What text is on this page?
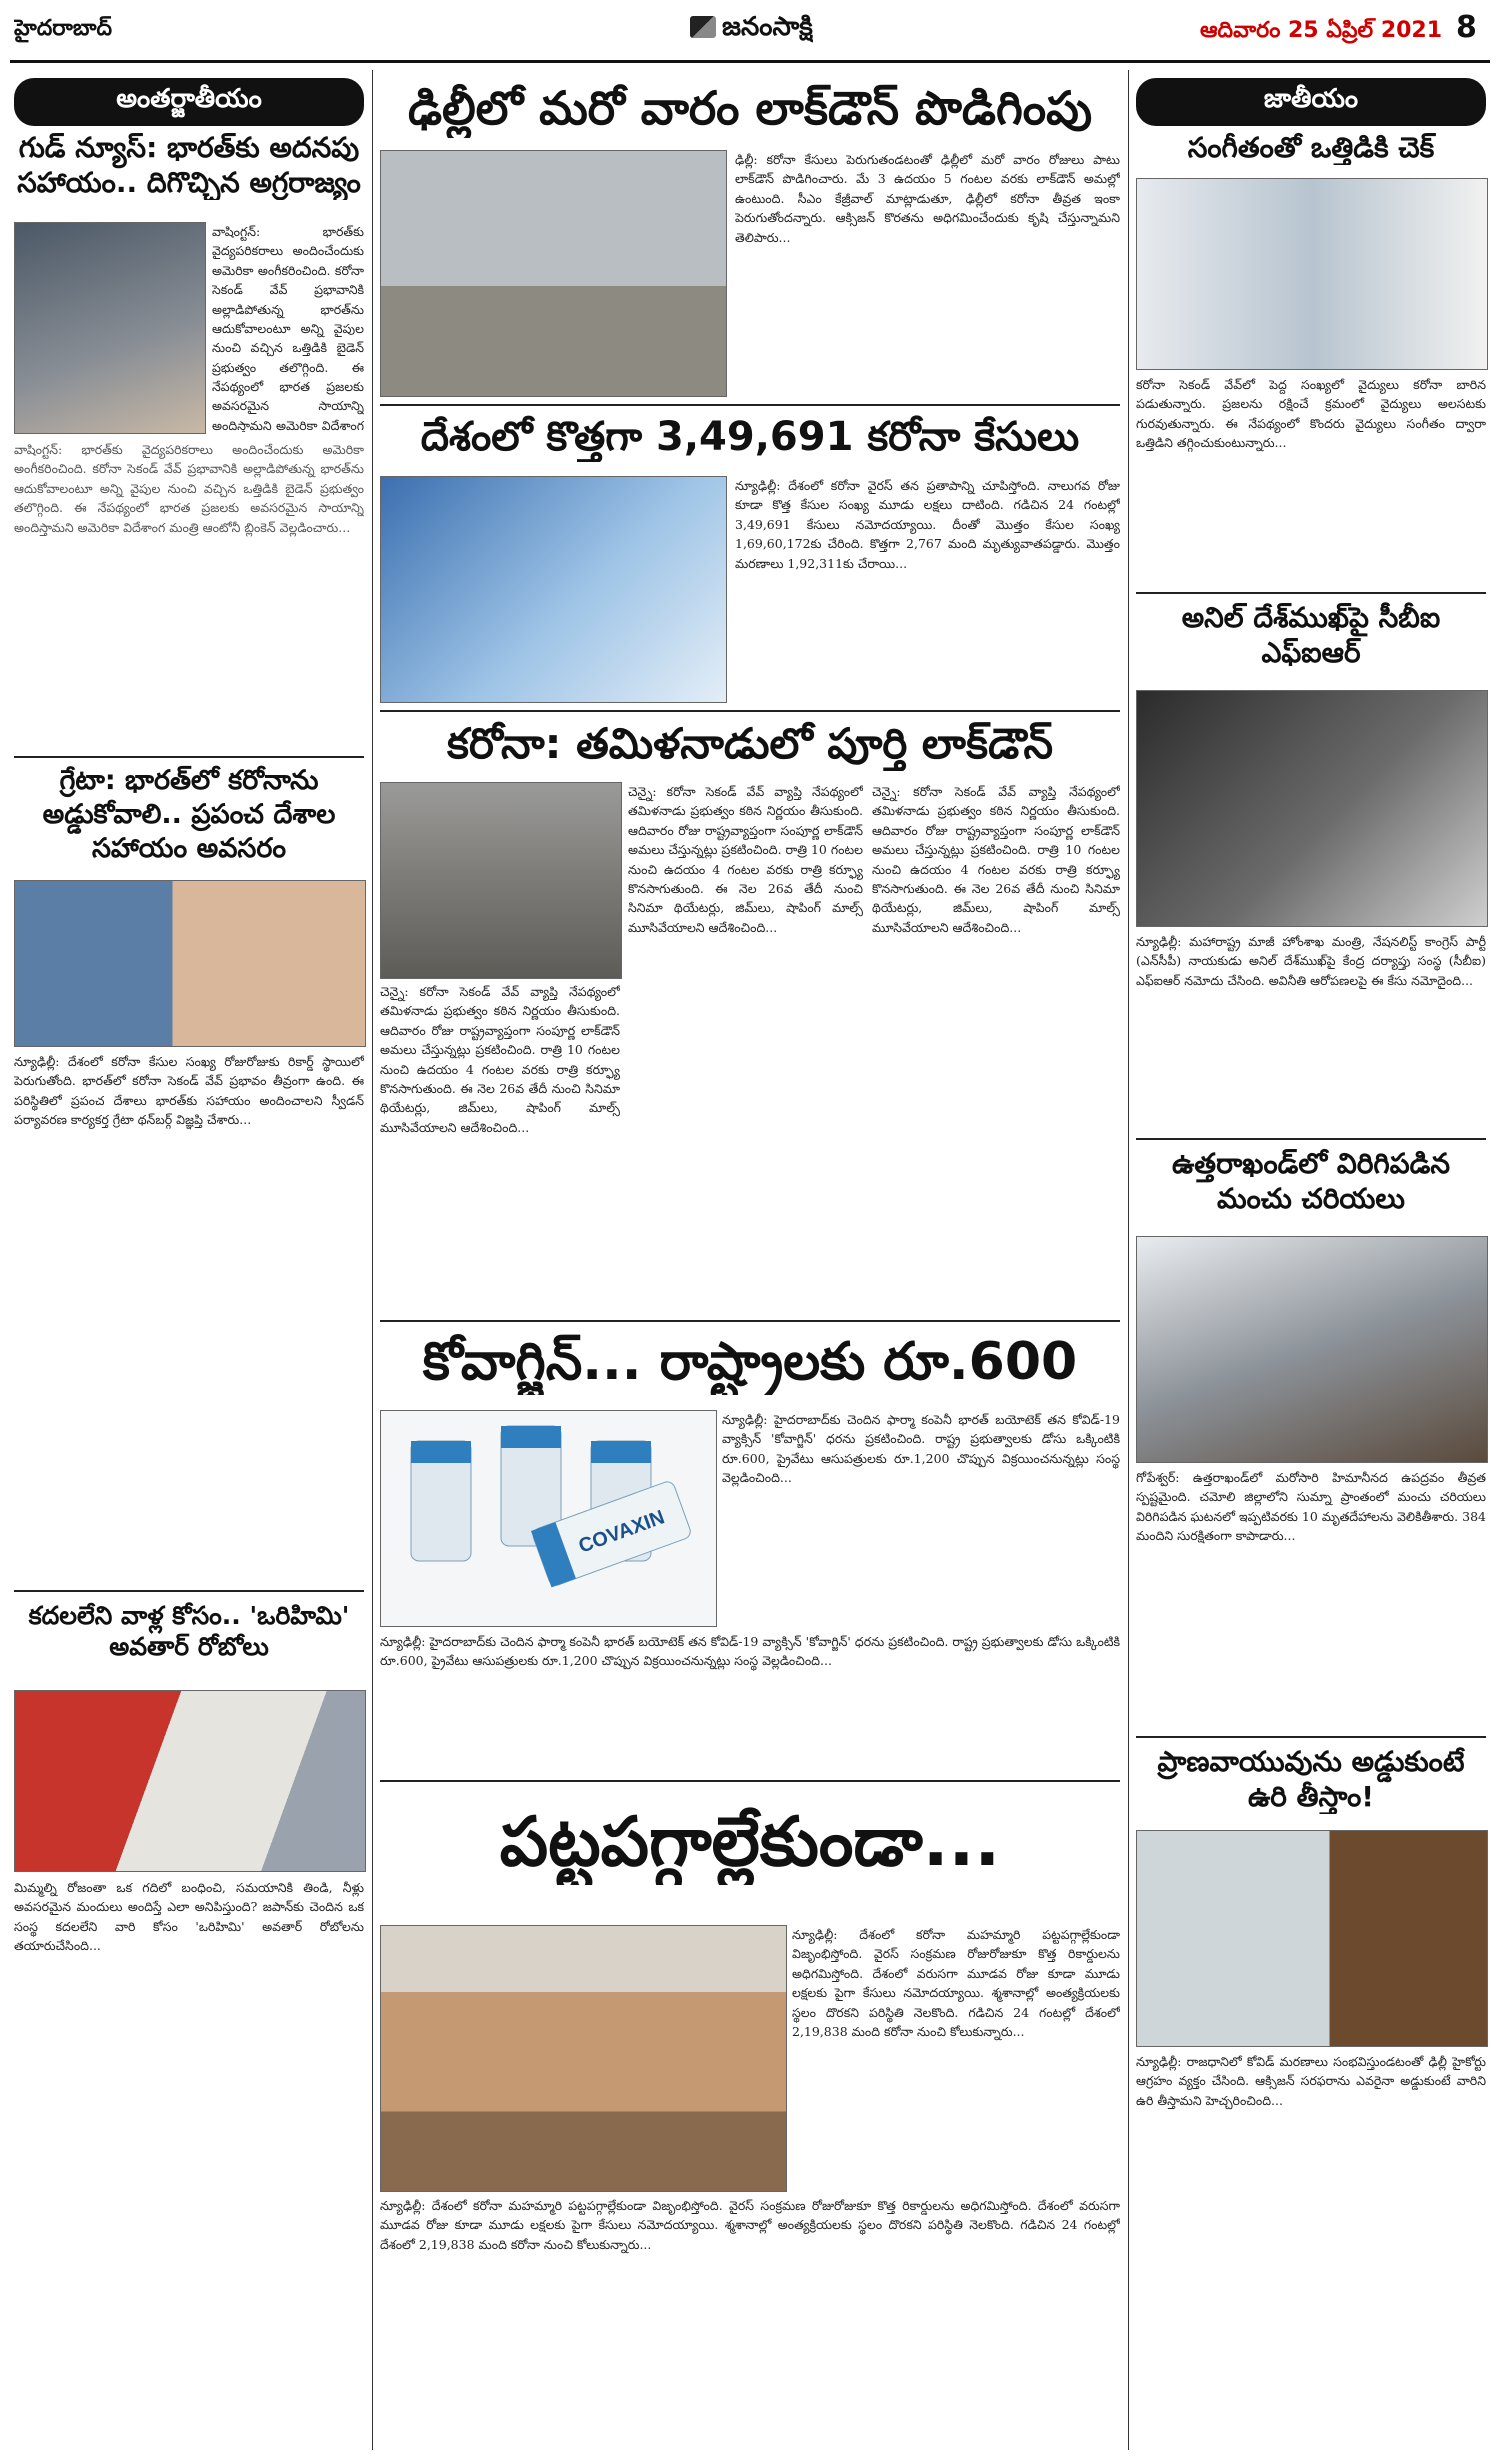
హైదరాబాద్	జనంసాక్షి	ఆదివారం 25 ఏప్రిల్ 2021 8
అంతర్జాతీయం
గుడ్ న్యూస్: భారత్‌కు అదనపు సహాయం.. దిగొచ్చిన అగ్రరాజ్యం
వాషింగ్టన్‌: భారత్‌కు వైద్యపరికరాలు అందించేందుకు అమెరికా అంగీకరించింది. కరోనా సెకండ్‌ వేవ్‌ ప్రభావానికి అల్లాడిపోతున్న భారత్‌ను ఆదుకోవాలంటూ అన్ని వైపుల నుంచి వచ్చిన ఒత్తిడికి బైడెన్‌ ప్రభుత్వం తలొగ్గింది. ఈ నేపథ్యంలో భారత ప్రజలకు అవసరమైన సాయాన్ని అందిస్తామని అమెరికా విదేశాంగ
వాషింగ్టన్‌: భారత్‌కు వైద్యపరికరాలు అందించేందుకు అమెరికా అంగీకరించింది. కరోనా సెకండ్‌ వేవ్‌ ప్రభావానికి అల్లాడిపోతున్న భారత్‌ను ఆదుకోవాలంటూ అన్ని వైపుల నుంచి వచ్చిన ఒత్తిడికి బైడెన్‌ ప్రభుత్వం తలొగ్గింది. ఈ నేపథ్యంలో భారత ప్రజలకు అవసరమైన సాయాన్ని అందిస్తామని అమెరికా విదేశాంగ మంత్రి ఆంటోనీ బ్లింకెన్‌ వెల్లడించారు...
గ్రేటా: భారత్‌లో కరోనాను అడ్డుకోవాలి.. ప్రపంచ దేశాల సహాయం అవసరం
న్యూఢిల్లీ: దేశంలో కరోనా కేసుల సంఖ్య రోజురోజుకు రికార్డ్‌ స్థాయిలో పెరుగుతోంది. భారత్‌లో కరోనా సెకండ్‌ వేవ్‌ ప్రభావం తీవ్రంగా ఉంది. ఈ పరిస్థితిలో ప్రపంచ దేశాలు భారత్‌కు సహాయం అందించాలని స్వీడన్‌ పర్యావరణ కార్యకర్త గ్రేటా థన్‌బర్గ్‌ విజ్ఞప్తి చేశారు...
కదలలేని వాళ్ల కోసం.. 'ఒరిహిమి' అవతార్‌ రోబోలు
మిమ్మల్ని రోజంతా ఒక గదిలో బంధించి, సమయానికి తిండి, నీళ్లు అవసరమైన మందులు అందిస్తే ఎలా అనిపిస్తుంది? జపాన్‌కు చెందిన ఒక సంస్థ కదలలేని వారి కోసం 'ఒరిహిమి' అవతార్‌ రోబోలను తయారుచేసింది...
ఢిల్లీలో మరో వారం లాక్‌డౌన్‌ పొడిగింపు
ఢిల్లీ: కరోనా కేసులు పెరుగుతండటంతో ఢిల్లీలో మరో వారం రోజులు పాటు లాక్‌డౌన్‌ పొడిగించారు. మే 3 ఉదయం 5 గంటల వరకు లాక్‌డౌన్‌ అమల్లో ఉంటుంది. సీఎం కేజ్రీవాల్‌ మాట్లాడుతూ, ఢిల్లీలో కరోనా తీవ్రత ఇంకా పెరుగుతోందన్నారు. ఆక్సిజన్‌ కొరతను అధిగమించేందుకు కృషి చేస్తున్నామని తెలిపారు...
దేశంలో కొత్తగా 3,49,691 కరోనా కేసులు
న్యూఢిల్లీ: దేశంలో కరోనా వైరస్‌ తన ప్రతాపాన్ని చూపిస్తోంది. నాలుగవ రోజు కూడా కొత్త కేసుల సంఖ్య మూడు లక్షలు దాటింది. గడిచిన 24 గంటల్లో 3,49,691 కేసులు నమోదయ్యాయి. దీంతో మొత్తం కేసుల సంఖ్య 1,69,60,172కు చేరింది. కొత్తగా 2,767 మంది మృత్యువాతపడ్డారు. మొత్తం మరణాలు 1,92,311కు చేరాయి...
కరోనా: తమిళనాడులో పూర్తి లాక్‌డౌన్‌
చెన్నై: కరోనా సెకండ్‌ వేవ్‌ వ్యాప్తి నేపథ్యంలో తమిళనాడు ప్రభుత్వం కఠిన నిర్ణయం తీసుకుంది. ఆదివారం రోజు రాష్ట్రవ్యాప్తంగా సంపూర్ణ లాక్‌డౌన్‌ అమలు చేస్తున్నట్లు ప్రకటించింది. రాత్రి 10 గంటల నుంచి ఉదయం 4 గంటల వరకు రాత్రి కర్ఫ్యూ కొనసాగుతుంది. ఈ నెల 26వ తేదీ నుంచి సినిమా థియేటర్లు, జిమ్‌లు, షాపింగ్‌ మాల్స్‌ మూసివేయాలని ఆదేశించింది...
చెన్నై: కరోనా సెకండ్‌ వేవ్‌ వ్యాప్తి నేపథ్యంలో తమిళనాడు ప్రభుత్వం కఠిన నిర్ణయం తీసుకుంది. ఆదివారం రోజు రాష్ట్రవ్యాప్తంగా సంపూర్ణ లాక్‌డౌన్‌ అమలు చేస్తున్నట్లు ప్రకటించింది. రాత్రి 10 గంటల నుంచి ఉదయం 4 గంటల వరకు రాత్రి కర్ఫ్యూ కొనసాగుతుంది. ఈ నెల 26వ తేదీ నుంచి సినిమా థియేటర్లు, జిమ్‌లు, షాపింగ్‌ మాల్స్‌ మూసివేయాలని ఆదేశించింది...
చెన్నై: కరోనా సెకండ్‌ వేవ్‌ వ్యాప్తి నేపథ్యంలో తమిళనాడు ప్రభుత్వం కఠిన నిర్ణయం తీసుకుంది. ఆదివారం రోజు రాష్ట్రవ్యాప్తంగా సంపూర్ణ లాక్‌డౌన్‌ అమలు చేస్తున్నట్లు ప్రకటించింది. రాత్రి 10 గంటల నుంచి ఉదయం 4 గంటల వరకు రాత్రి కర్ఫ్యూ కొనసాగుతుంది. ఈ నెల 26వ తేదీ నుంచి సినిమా థియేటర్లు, జిమ్‌లు, షాపింగ్‌ మాల్స్‌ మూసివేయాలని ఆదేశించింది...
కోవాగ్జిన్‌... రాష్ట్రాలకు రూ.600
COVAXIN
న్యూఢిల్లీ: హైదరాబాద్‌కు చెందిన ఫార్మా కంపెనీ భారత్‌ బయోటెక్‌ తన కోవిడ్‌-19 వ్యాక్సిన్‌ 'కోవాగ్జిన్‌' ధరను ప్రకటించింది. రాష్ట్ర ప్రభుత్వాలకు డోసు ఒక్కింటికి రూ.600, ప్రైవేటు ఆసుపత్రులకు రూ.1,200 చొప్పున విక్రయించనున్నట్లు సంస్థ వెల్లడించింది...
న్యూఢిల్లీ: హైదరాబాద్‌కు చెందిన ఫార్మా కంపెనీ భారత్‌ బయోటెక్‌ తన కోవిడ్‌-19 వ్యాక్సిన్‌ 'కోవాగ్జిన్‌' ధరను ప్రకటించింది. రాష్ట్ర ప్రభుత్వాలకు డోసు ఒక్కింటికి రూ.600, ప్రైవేటు ఆసుపత్రులకు రూ.1,200 చొప్పున విక్రయించనున్నట్లు సంస్థ వెల్లడించింది...
పట్టపగ్గాల్లేకుండా...
న్యూఢిల్లీ: దేశంలో కరోనా మహమ్మారి పట్టపగ్గాల్లేకుండా విజృంభిస్తోంది. వైరస్‌ సంక్రమణ రోజురోజుకూ కొత్త రికార్డులను అధిగమిస్తోంది. దేశంలో వరుసగా మూడవ రోజు కూడా మూడు లక్షలకు పైగా కేసులు నమోదయ్యాయి. శ్మశానాల్లో అంత్యక్రియలకు స్థలం దొరకని పరిస్థితి నెలకొంది. గడిచిన 24 గంటల్లో దేశంలో 2,19,838 మంది కరోనా నుంచి కోలుకున్నారు...
న్యూఢిల్లీ: దేశంలో కరోనా మహమ్మారి పట్టపగ్గాల్లేకుండా విజృంభిస్తోంది. వైరస్‌ సంక్రమణ రోజురోజుకూ కొత్త రికార్డులను అధిగమిస్తోంది. దేశంలో వరుసగా మూడవ రోజు కూడా మూడు లక్షలకు పైగా కేసులు నమోదయ్యాయి. శ్మశానాల్లో అంత్యక్రియలకు స్థలం దొరకని పరిస్థితి నెలకొంది. గడిచిన 24 గంటల్లో దేశంలో 2,19,838 మంది కరోనా నుంచి కోలుకున్నారు...
జాతీయం
సంగీతంతో ఒత్తిడికి చెక్‌
కరోనా సెకండ్‌ వేవ్‌లో పెద్ద సంఖ్యలో వైద్యులు కరోనా బారిన పడుతున్నారు. ప్రజలను రక్షించే క్రమంలో వైద్యులు అలసటకు గురవుతున్నారు. ఈ నేపథ్యంలో కొందరు వైద్యులు సంగీతం ద్వారా ఒత్తిడిని తగ్గించుకుంటున్నారు...
అనిల్‌ దేశ్‌ముఖ్‌పై సీబీఐ ఎఫ్‌ఐఆర్‌
న్యూఢిల్లీ: మహారాష్ట్ర మాజీ హోంశాఖ మంత్రి, నేషనలిస్ట్‌ కాంగ్రెస్‌ పార్టీ (ఎన్‌సీపీ) నాయకుడు అనిల్‌ దేశ్‌ముఖ్‌పై కేంద్ర దర్యాప్తు సంస్థ (సీబీఐ) ఎఫ్‌ఐఆర్‌ నమోదు చేసింది. అవినీతి ఆరోపణలపై ఈ కేసు నమోదైంది...
ఉత్తరాఖండ్‌లో విరిగిపడిన మంచు చరియలు
గోపేశ్వర్‌: ఉత్తరాఖండ్‌లో మరోసారి హిమానీనద ఉపద్రవం తీవ్రత స్పష్టమైంది. చమోలి జిల్లాలోని సుమ్నా ప్రాంతంలో మంచు చరియలు విరిగిపడిన ఘటనలో ఇప్పటివరకు 10 మృతదేహాలను వెలికితీశారు. 384 మందిని సురక్షితంగా కాపాడారు...
ప్రాణవాయువును అడ్డుకుంటే ఉరి తీస్తాం!
న్యూఢిల్లీ: రాజధానిలో కోవిడ్‌ మరణాలు సంభవిస్తుండటంతో ఢిల్లీ హైకోర్టు ఆగ్రహం వ్యక్తం చేసింది. ఆక్సిజన్‌ సరఫరాను ఎవరైనా అడ్డుకుంటే వారిని ఉరి తీస్తామని హెచ్చరించింది...
